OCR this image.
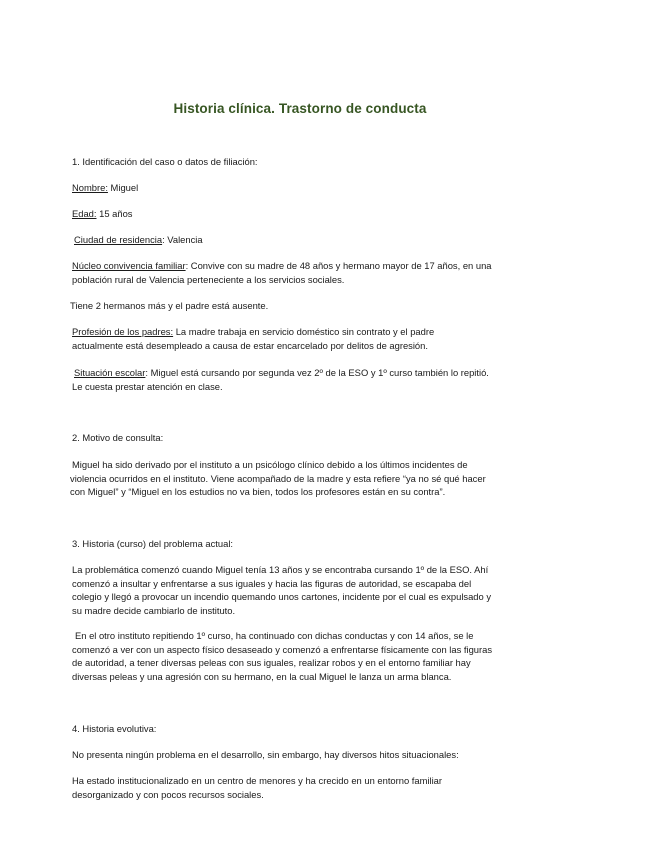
Historia clínica. Trastorno de conducta
1. Identificación del caso o datos de filiación:
Nombre: Miguel
Edad: 15 años
Ciudad de residencia: Valencia
Núcleo convivencia familiar: Convive con su madre de 48 años y hermano mayor de 17 años, en una
población rural de Valencia perteneciente a los servicios sociales.
Tiene 2 hermanos más y el padre está ausente.
Profesión de los padres: La madre trabaja en servicio doméstico sin contrato y el padre
actualmente está desempleado a causa de estar encarcelado por delitos de agresión.
Situación escolar: Miguel está cursando por segunda vez 2º de la ESO y 1º curso también lo repitió.
Le cuesta prestar atención en clase.
2. Motivo de consulta:
Miguel ha sido derivado por el instituto a un psicólogo clínico debido a los últimos incidentes de
violencia ocurridos en el instituto. Viene acompañado de la madre y esta refiere “ya no sé qué hacer
con Miguel” y “Miguel en los estudios no va bien, todos los profesores están en su contra”.
3. Historia (curso) del problema actual:
La problemática comenzó cuando Miguel tenía 13 años y se encontraba cursando 1º de la ESO. Ahí
comenzó a insultar y enfrentarse a sus iguales y hacia las figuras de autoridad, se escapaba del
colegio y llegó a provocar un incendio quemando unos cartones, incidente por el cual es expulsado y
su madre decide cambiarlo de instituto.
En el otro instituto repitiendo 1º curso, ha continuado con dichas conductas y con 14 años, se le
comenzó a ver con un aspecto físico desaseado y comenzó a enfrentarse físicamente con las figuras
de autoridad, a tener diversas peleas con sus iguales, realizar robos y en el entorno familiar hay
diversas peleas y una agresión con su hermano, en la cual Miguel le lanza un arma blanca.
4. Historia evolutiva:
No presenta ningún problema en el desarrollo, sin embargo, hay diversos hitos situacionales:
Ha estado institucionalizado en un centro de menores y ha crecido en un entorno familiar
desorganizado y con pocos recursos sociales.
